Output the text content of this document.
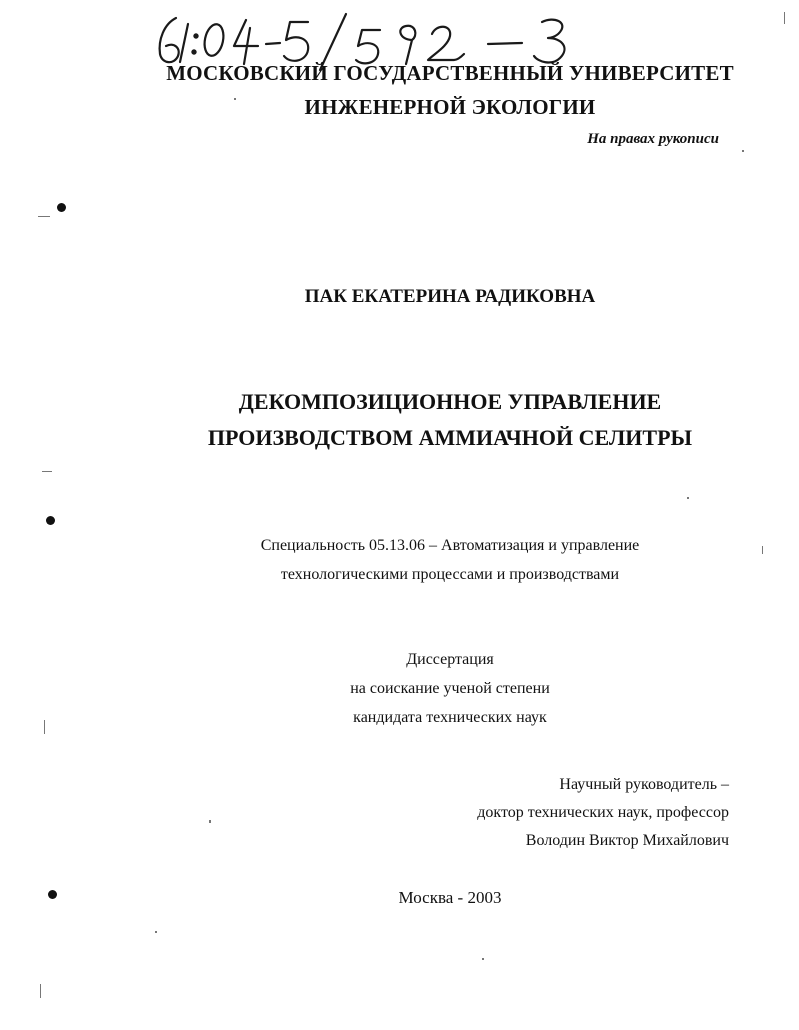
МОСКОВСКИЙ ГОСУДАРСТВЕННЫЙ УНИВЕРСИТЕТ
ИНЖЕНЕРНОЙ ЭКОЛОГИИ
На правах рукописи
ПАК ЕКАТЕРИНА РАДИКОВНА
ДЕКОМПОЗИЦИОННОЕ УПРАВЛЕНИЕ
ПРОИЗВОДСТВОМ АММИАЧНОЙ СЕЛИТРЫ
Специальность 05.13.06 – Автоматизация и управление
технологическими процессами и производствами
Диссертация
на соискание ученой степени
кандидата технических наук
Научный руководитель –
доктор технических наук, профессор
Володин Виктор Михайлович
Москва - 2003
